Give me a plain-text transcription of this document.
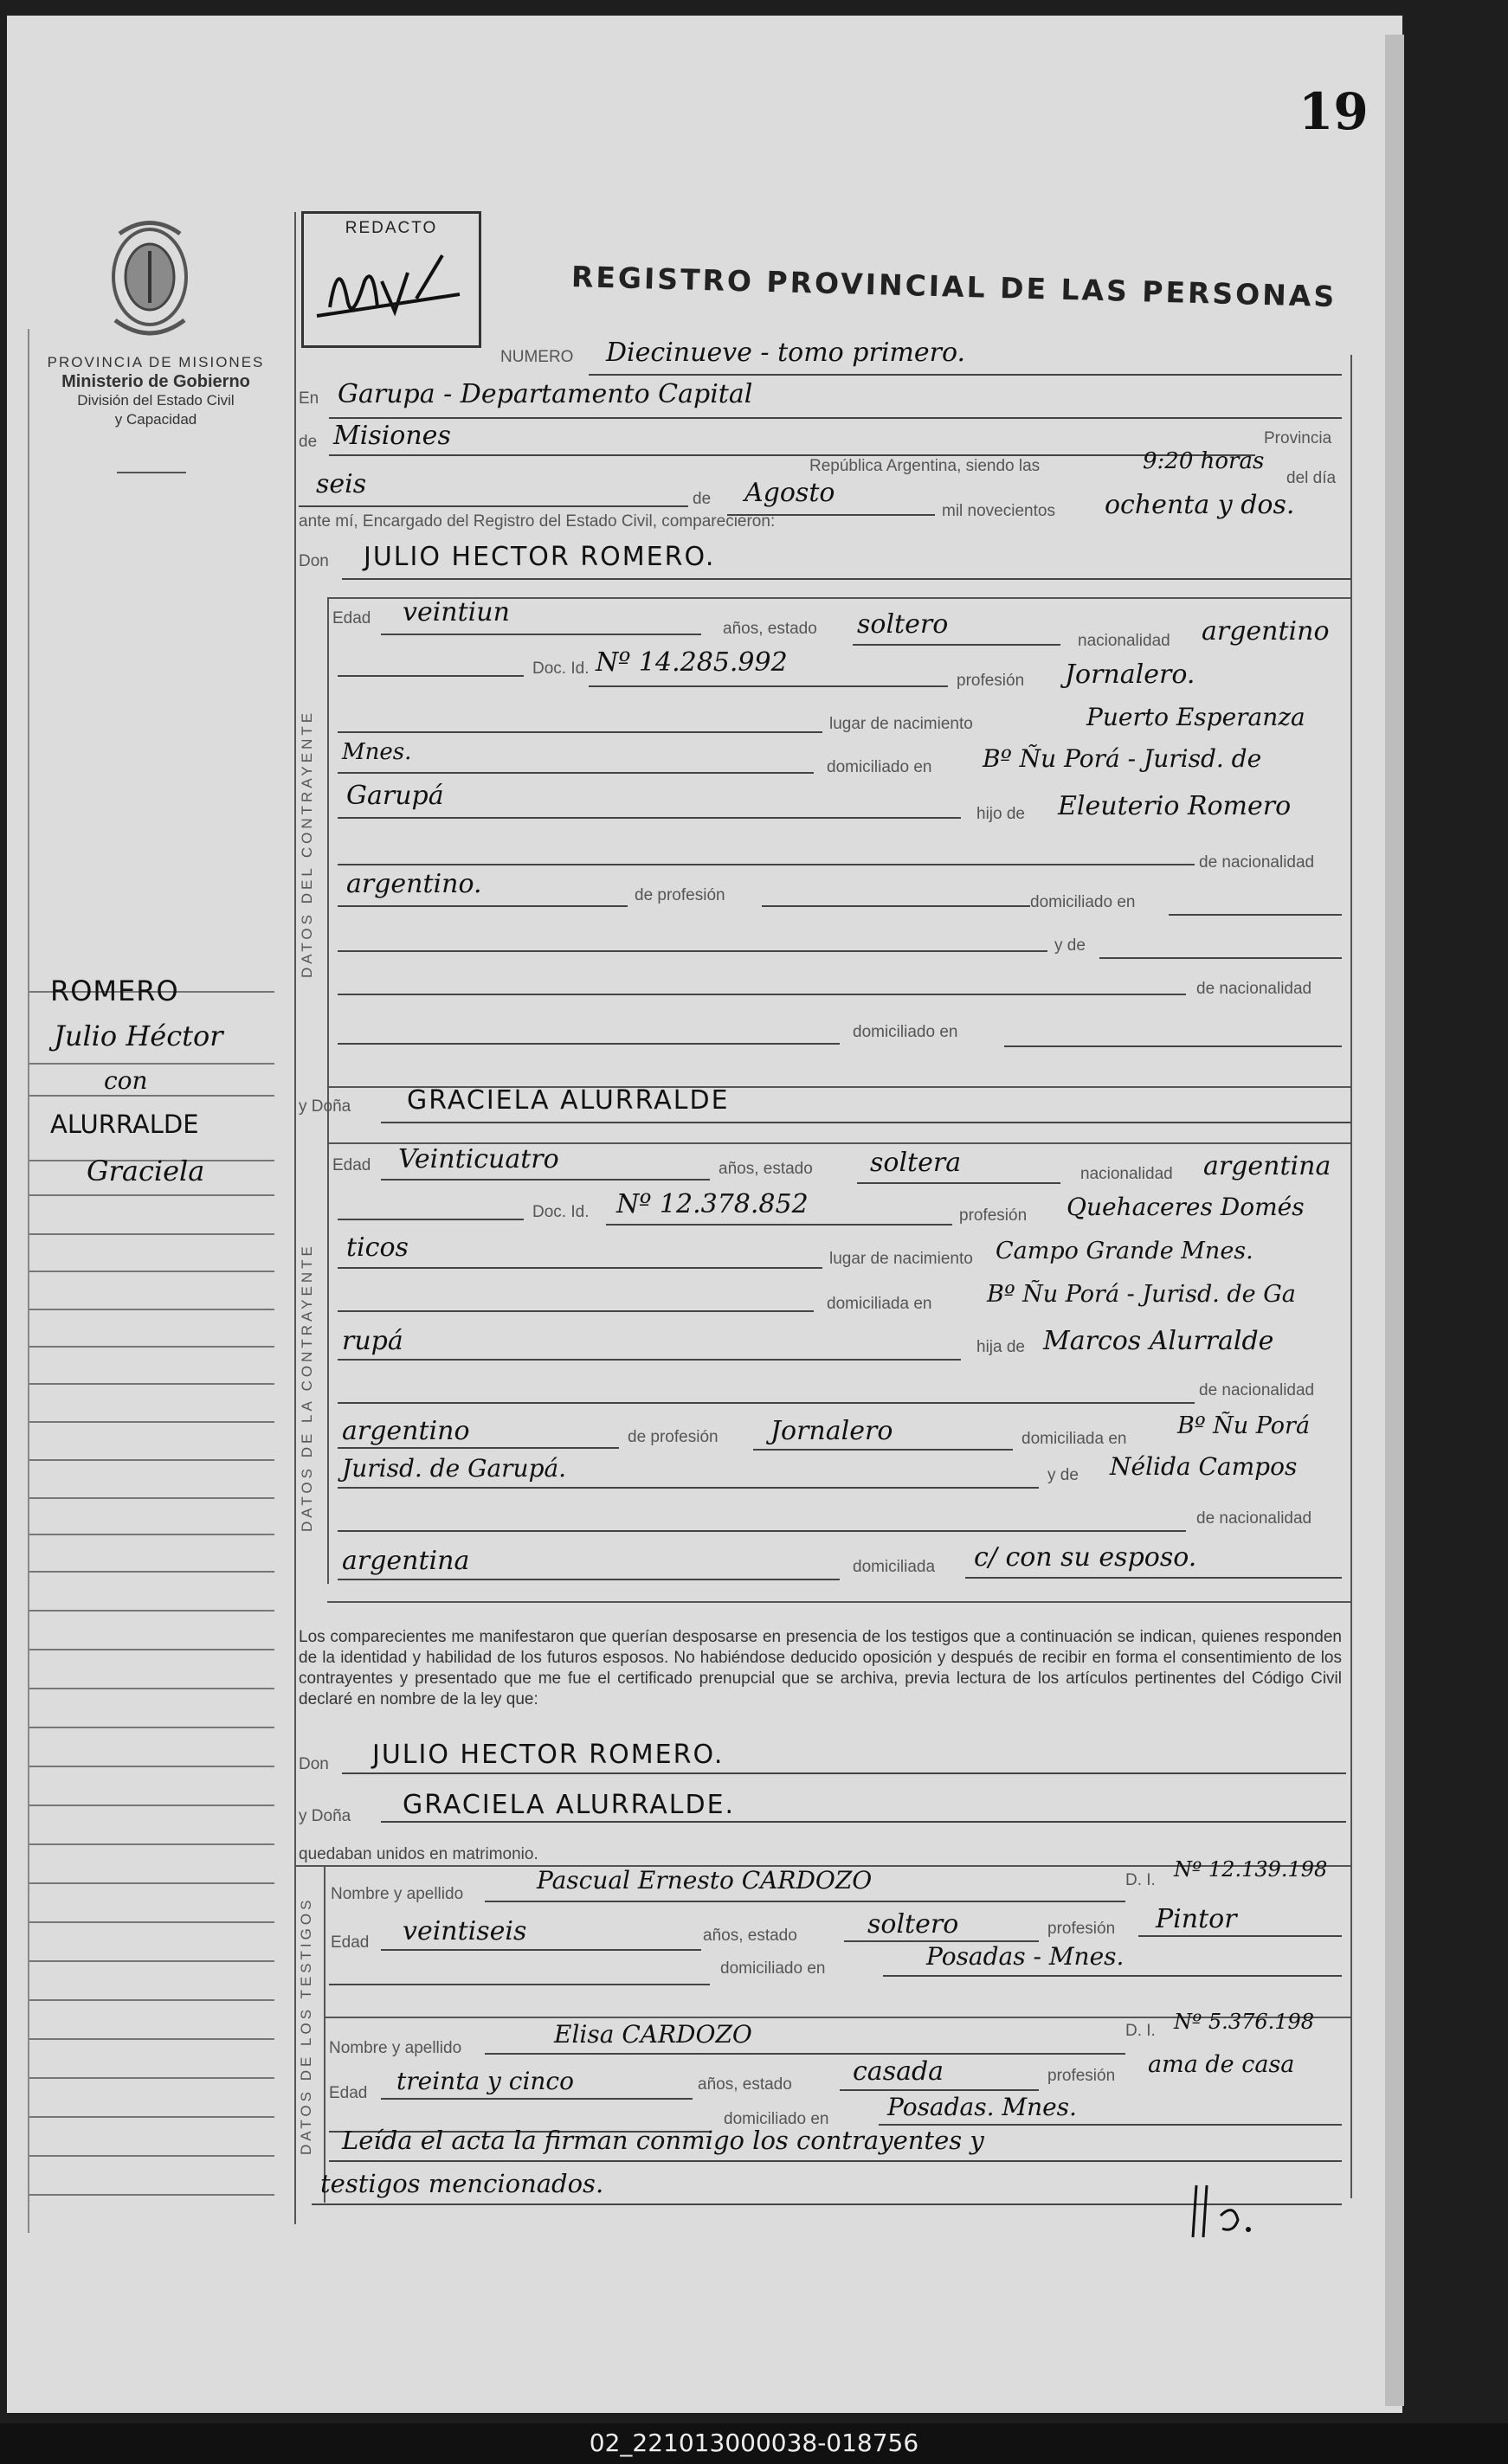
19
PROVINCIA DE MISIONES
Ministerio de Gobierno
División del Estado Civil
y Capacidad
REDACTO
REGISTRO PROVINCIAL DE LAS PERSONAS
NUMERO Diecinueve - tomo primero.
En Garupa - Departamento Capital
de Misiones	Provincia
República Argentina, siendo las	9:20 horas
del día
seis	de Agosto
mil novecientos ochenta y dos.
ante mí, Encargado del Registro del Estado Civil, comparecieron:
Don JULIO HECTOR ROMERO.
DATOS DEL CONTRAYENTE
Edad veintiun
años, estado soltero
nacionalidad argentino
Doc. Id. Nº 14.285.992
profesión Jornalero.
lugar de nacimiento	Puerto Esperanza
Mnes.
domiciliado en Bº Ñu Porá - Jurisd. de
Garupá
hijo de Eleuterio Romero
de nacionalidad
argentino.	de profesión	domiciliado en
y de
de nacionalidad
domiciliado en
y Doña GRACIELA ALURRALDE
DATOS DE LA CONTRAYENTE
Edad Veinticuatro	años, estado soltera	nacionalidad argentina
Doc. Id. Nº 12.378.852	profesión Quehaceres Domés
ticos	lugar de nacimiento Campo Grande Mnes.
domiciliada en Bº Ñu Porá - Jurisd. de Ga
rupá	hija de Marcos Alurralde
de nacionalidad
argentino	de profesión Jornalero	domiciliada en Bº Ñu Porá
Jurisd. de Garupá.	y de Nélida Campos
de nacionalidad
argentina	domiciliada c/ con su esposo.
Los comparecientes me manifestaron que querían desposarse en presencia de los testigos que a continuación se indican, quienes responden de la identidad y habilidad de los futuros esposos. No habiéndose deducido oposición y después de recibir en forma el consentimiento de los contrayentes y presentado que me fue el certificado prenupcial que se archiva, previa lectura de los artículos pertinentes del Código Civil declaré en nombre de la ley que:
Don JULIO HECTOR ROMERO.
y Doña GRACIELA ALURRALDE.
quedaban unidos en matrimonio.
DATOS DE LOS TESTIGOS
Nombre y apellido	Pascual Ernesto CARDOZO	D. I. Nº 12.139.198
Edad veintiseis	años, estado	soltero	profesión Pintor
domiciliado en	Posadas - Mnes.
Nombre y apellido	Elisa CARDOZO	D. I. Nº 5.376.198
Edad treinta y cinco	años, estado casada	profesión ama de casa
domiciliado en Posadas. Mnes.
Leída el acta la firman conmigo los contrayentes y
testigos mencionados.
ROMERO
Julio Héctor
con
ALURRALDE
Graciela
02_221013000038-018756
